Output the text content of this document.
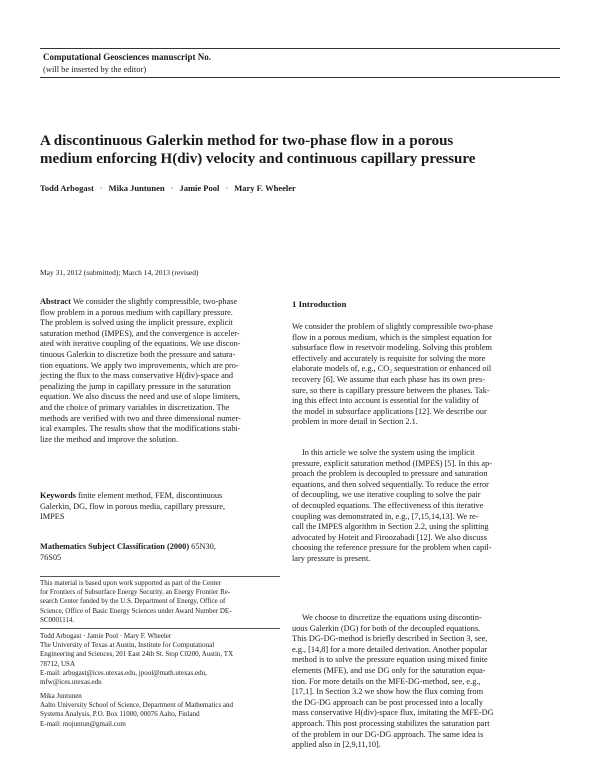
Computational Geosciences manuscript No.
(will be inserted by the editor)
A discontinuous Galerkin method for two-phase flow in a porous
medium enforcing H(div) velocity and continuous capillary pressure
Todd Arbogast · Mika Juntunen · Jamie Pool · Mary F. Wheeler
May 31, 2012 (submitted); March 14, 2013 (revised)
Abstract We consider the slightly compressible, two-phase
flow problem in a porous medium with capillary pressure.
The problem is solved using the implicit pressure, explicit
saturation method (IMPES), and the convergence is acceler-
ated with iterative coupling of the equations. We use discon-
tinuous Galerkin to discretize both the pressure and satura-
tion equations. We apply two improvements, which are pro-
jecting the flux to the mass conservative H(div)-space and
penalizing the jump in capillary pressure in the saturation
equation. We also discuss the need and use of slope limiters,
and the choice of primary variables in discretization. The
methods are verified with two and three dimensional numer-
ical examples. The results show that the modifications stabi-
lize the method and improve the solution.
Keywords finite element method, FEM, discontinuous
Galerkin, DG, flow in porous media, capillary pressure,
IMPES
Mathematics Subject Classification (2000) 65N30,
76S05
This material is based upon work supported as part of the Center
for Frontiers of Subsurface Energy Security, an Energy Frontier Re-
search Center funded by the U.S. Department of Energy, Office of
Science, Office of Basic Energy Sciences under Award Number DE-
SC0001114.
Todd Arbogast · Jamie Pool · Mary F. Wheeler
The University of Texas at Austin, Institute for Computational
Engineering and Sciences, 201 East 24th St. Stop C0200, Austin, TX
78712, USA
E-mail: arbogast@ices.utexas.edu, jpool@math.utexas.edu,
mfw@ices.utexas.edu
Mika Juntunen
Aalto University School of Science, Department of Mathematics and
Systems Analysis, P.O. Box 11000, 00076 Aalto, Finland
E-mail: mojuntun@gmail.com
1 Introduction
We consider the problem of slightly compressible two-phase
flow in a porous medium, which is the simplest equation for
subsurface flow in reservoir modeling. Solving this problem
effectively and accurately is requisite for solving the more
elaborate models of, e.g., CO₂ sequestration or enhanced oil
recovery [6]. We assume that each phase has its own pres-
sure, so there is capillary pressure between the phases. Tak-
ing this effect into account is essential for the validity of
the model in subsurface applications [12]. We describe our
problem in more detail in Section 2.1.
In this article we solve the system using the implicit
pressure, explicit saturation method (IMPES) [5]. In this ap-
proach the problem is decoupled to pressure and saturation
equations, and then solved sequentially. To reduce the error
of decoupling, we use iterative coupling to solve the pair
of decoupled equations. The effectiveness of this iterative
coupling was demonstrated in, e.g., [7,15,14,13]. We re-
call the IMPES algorithm in Section 2.2, using the splitting
advocated by Hoteit and Firoozabadi [12]. We also discuss
choosing the reference pressure for the problem when capil-
lary pressure is present.
We choose to discretize the equations using discontin-
uous Galerkin (DG) for both of the decoupled equations.
This DG-DG-method is briefly described in Section 3, see,
e.g., [14,8] for a more detailed derivation. Another popular
method is to solve the pressure equation using mixed finite
elements (MFE), and use DG only for the saturation equa-
tion. For more details on the MFE-DG-method, see, e.g.,
[17,1]. In Section 3.2 we show how the flux coming from
the DG-DG approach can be post processed into a locally
mass conservative H(div)-space flux, imitating the MFE-DG
approach. This post processing stabilizes the saturation part
of the problem in our DG-DG approach. The same idea is
applied also in [2,9,11,10].
